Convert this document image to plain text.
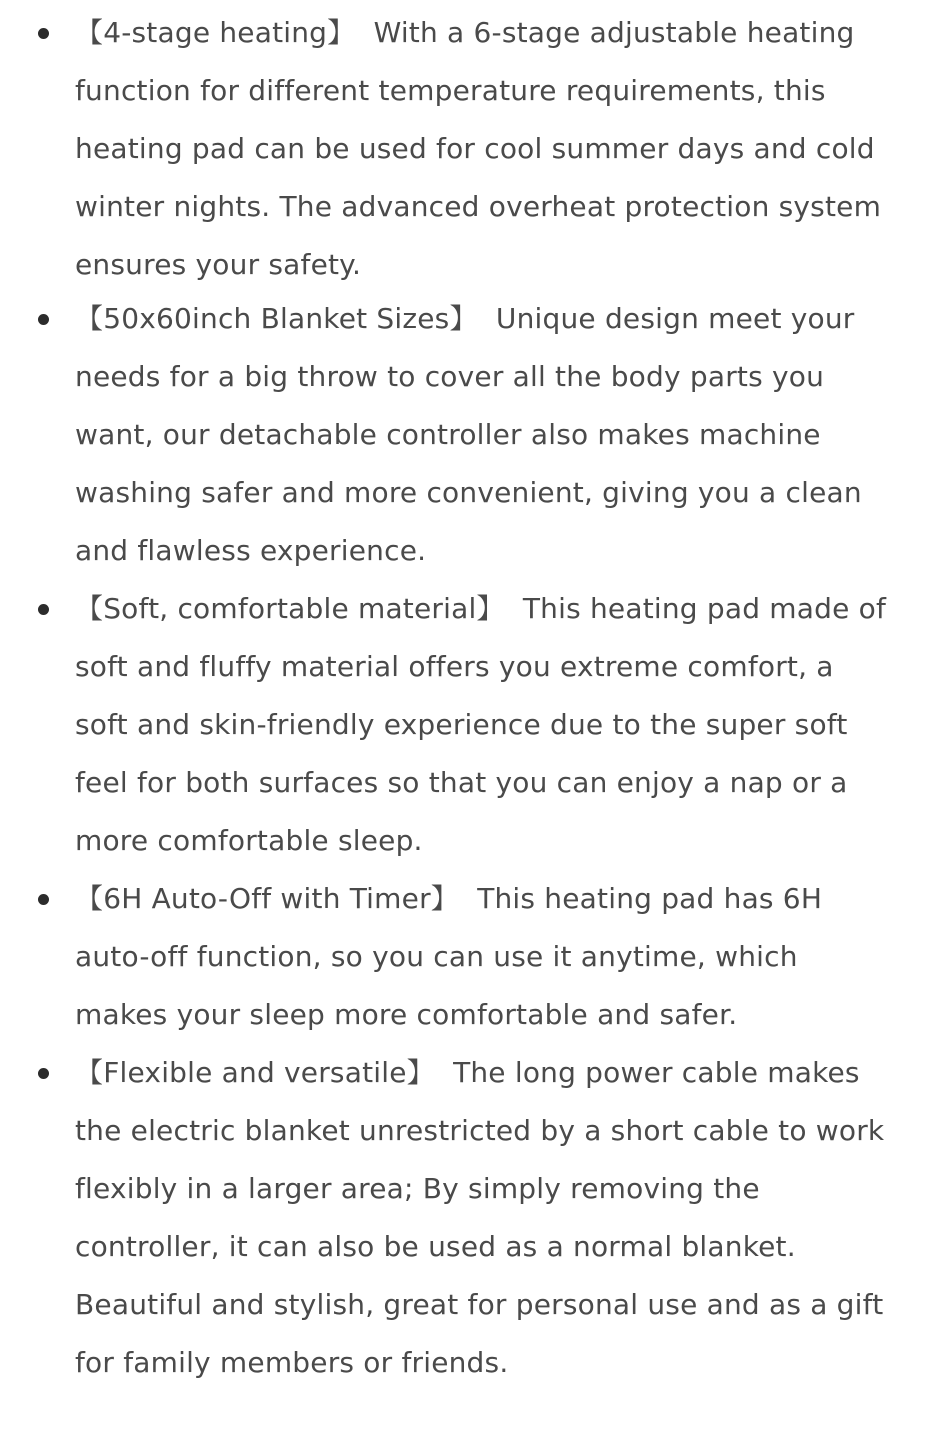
【4-stage heating】 With a 6-stage adjustable heating function for different temperature requirements, this heating pad can be used for cool summer days and cold winter nights. The advanced overheat protection system ensures your safety.
【50x60inch Blanket Sizes】 Unique design meet your needs for a big throw to cover all the body parts you want, our detachable controller also makes machine washing safer and more convenient, giving you a clean and flawless experience.
【Soft, comfortable material】 This heating pad made of soft and fluffy material offers you extreme comfort, a soft and skin-friendly experience due to the super soft feel for both surfaces so that you can enjoy a nap or a more comfortable sleep.
【6H Auto-Off with Timer】 This heating pad has 6H auto-off function, so you can use it anytime, which makes your sleep more comfortable and safer.
【Flexible and versatile】 The long power cable makes the electric blanket unrestricted by a short cable to work flexibly in a larger area; By simply removing the controller, it can also be used as a normal blanket. Beautiful and stylish, great for personal use and as a gift for family members or friends.
